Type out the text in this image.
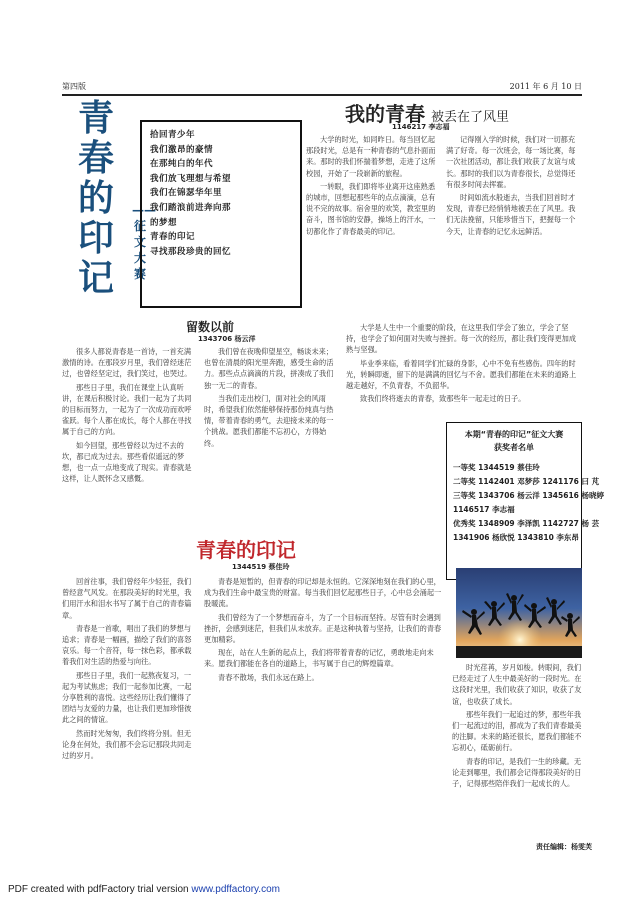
第四版	2011 年 6 月 10 日
青
春
的
印
记
——征文大赛
拾回青少年
我们激昂的豪情
在那纯白的年代
我们放飞理想与希望
我们在锦瑟华年里
我们踏浪前进奔向那
的梦想
青春的印记
寻找那段珍贵的回忆
我的青春 被丢在了风里
1146217 李志福

大学的时光，如同昨日。每当回忆起那段时光，总是有一种青春的气息扑面而来。那时的我们怀揣着梦想，走进了这所校园，开始了一段崭新的旅程。

一转眼，我们即将毕业离开这座熟悉的城市，回想起那些年的点点滴滴，总有说不完的故事。宿舍里的欢笑，教室里的奋斗，图书馆的安静，操场上的汗水，一切都化作了青春最美的印记。

记得刚入学的时候，我们对一切都充满了好奇。每一次班会，每一场比赛，每一次社团活动，都让我们收获了友谊与成长。那时的我们以为青春很长，总觉得还有很多时间去挥霍。

时间如流水般逝去，当我们回首时才发现，青春已经悄悄地被丢在了风里。我们无法挽留，只能珍惜当下，把握每一个今天，让青春的记忆永远鲜活。

留数以前
1343706 杨云洋

很多人都说青春是一首诗，一首充满激情的诗。在那段岁月里，我们曾经迷茫过，也曾经坚定过，我们笑过，也哭过。

那些日子里，我们在课堂上认真听讲，在课后积极讨论。我们一起为了共同的目标而努力，一起为了一次成功而欢呼雀跃。每个人都在成长，每个人都在寻找属于自己的方向。

如今回望，那些曾经以为过不去的坎，都已成为过去。那些看似遥远的梦想，也一点一点地变成了现实。青春就是这样，让人既怀念又感慨。

我们曾在夜晚仰望星空，畅谈未来；也曾在清晨的阳光里奔跑，感受生命的活力。那些点点滴滴的片段，拼凑成了我们独一无二的青春。

当我们走出校门，面对社会的风雨时，希望我们依然能够保持那份纯真与热情，带着青春的勇气，去迎接未来的每一个挑战。愿我们都能不忘初心，方得始终。

大学是人生中一个重要的阶段，在这里我们学会了独立，学会了坚持，也学会了如何面对失败与挫折。每一次的经历，都让我们变得更加成熟与坚强。

毕业季来临，看着同学们忙碌的身影，心中不免有些感伤。四年的时光，转瞬即逝，留下的是满满的回忆与不舍。愿我们都能在未来的道路上越走越好，不负青春，不负韶华。

致我们终将逝去的青春，致那些年一起走过的日子。

本期“青春的印记”征文大赛
获奖者名单
一等奖 1344519 蔡佳玲
二等奖 1142401 邓梦莎 1241176 曰 芃
三等奖 1343706 杨云洋 1345616 杨晓婷
1146517 李志福
优秀奖 1348909 李泽凯 1142727 杨 芸
1341906 杨欣悦 1343810 李东昂
青春的印记
1344519 蔡佳玲

回首往事，我们曾经年少轻狂，我们曾经意气风发。在那段美好的时光里，我们用汗水和泪水书写了属于自己的青春篇章。

青春是一首歌，唱出了我们的梦想与追求；青春是一幅画，描绘了我们的喜怒哀乐。每一个音符，每一抹色彩，都承载着我们对生活的热爱与向往。

那些日子里，我们一起熬夜复习，一起为考试焦虑；我们一起参加比赛，一起分享胜利的喜悦。这些经历让我们懂得了团结与友爱的力量，也让我们更加珍惜彼此之间的情谊。

然而时光匆匆，我们终将分别。但无论身在何处，我们都不会忘记那段共同走过的岁月。

青春是短暂的，但青春的印记却是永恒的。它深深地刻在我们的心里，成为我们生命中最宝贵的财富。每当我们回忆起那些日子，心中总会涌起一股暖流。

我们曾经为了一个梦想而奋斗，为了一个目标而坚持。尽管有时会遇到挫折，会感到迷茫，但我们从未放弃。正是这种执着与坚持，让我们的青春更加精彩。

现在，站在人生新的起点上，我们将带着青春的记忆，勇敢地走向未来。愿我们都能在各自的道路上，书写属于自己的辉煌篇章。

青春不散场，我们永远在路上。

时光荏苒，岁月如梭。转眼间，我们已经走过了人生中最美好的一段时光。在这段时光里，我们收获了知识，收获了友谊，也收获了成长。

那些年我们一起追过的梦，那些年我们一起流过的泪，都成为了我们青春最美的注脚。未来的路还很长，愿我们都能不忘初心，砥砺前行。

青春的印记，是我们一生的珍藏。无论走到哪里，我们都会记得那段美好的日子，记得那些陪伴我们一起成长的人。

责任编辑：杨雯芙
PDF created with pdfFactory trial version www.pdffactory.com
